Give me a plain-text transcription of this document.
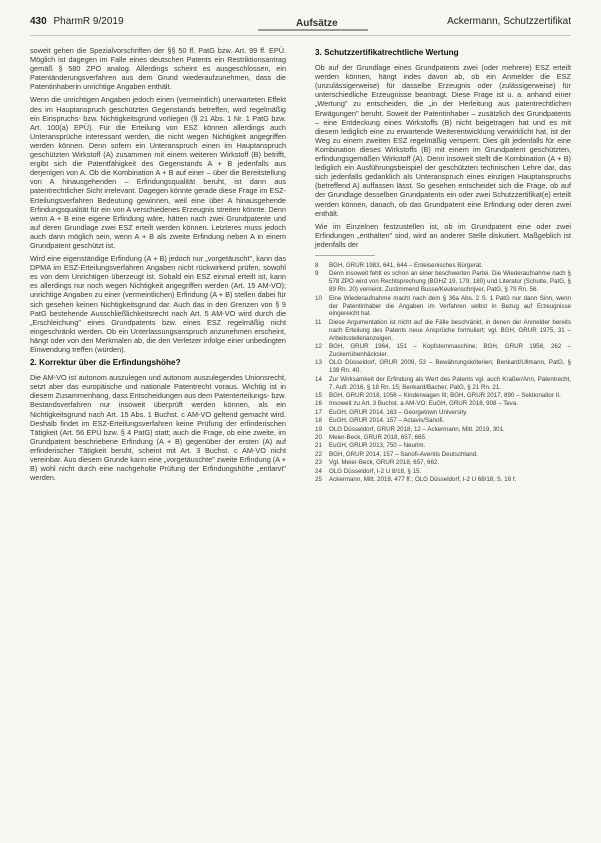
430 PharmR 9/2019	Aufsätze	Ackermann, Schutzzertifikat

soweit gehen die Spezialvorschriften der §§ 50 ff. PatG bzw. Art. 99 ff. EPÜ. Möglich ist dagegen im Falle eines deutschen Patents ein Restriktionsantrag gemäß § 580 ZPO analog. Allerdings scheint es ausgeschlossen, ein Patentänderungsverfahren aus dem Grund wiederaufzunehmen, dass die Patentinhaberin unrichtige Angaben enthält.

Wenn die unrichtigen Angaben jedoch einen (vermeintlich) unerwarteten Effekt des im Hauptanspruch geschützten Gegenstands betreffen, wird regelmäßig ein Einspruchs- bzw. Nichtigkeitsgrund vorliegen (§ 21 Abs. 1 Nr. 1 PatG bzw. Art. 100(a) EPÜ). Für die Erteilung von ESZ können allerdings auch Unteransprüche interessant werden, die nicht wegen Nichtigkeit angegriffen werden können. Denn sofern ein Unteranspruch einen im Hauptanspruch geschützten Wirkstoff (A) zusammen mit einem weiteren Wirkstoff (B) betrifft, ergibt sich die Patentfähigkeit des Gegenstands A + B jedenfalls aus derjenigen von A. Ob die Kombination A + B auf einer – über die Bereitstellung von A hinausgehenden – Erfindungsqualität beruht, ist dann aus patentrechtlicher Sicht irrelevant. Dagegen könnte gerade diese Frage im ESZ-Erteilungsverfahren Bedeutung gewinnen, weil eine über A hinausgehende Erfindungsqualität für ein von A verschiedenes Erzeugnis streiten könnte. Denn wenn A + B eine eigene Erfindung wäre, hätten nach zwei Grundpatente und auf deren Grundlage zwei ESZ erteilt werden können. Letzteres muss jedoch auch dann möglich sein, wenn A + B als zweite Erfindung neben A in einem Grundpatent geschützt ist.

Wird eine eigenständige Erfindung (A + B) jedoch nur „vorgetäuscht", kann das DPMA im ESZ-Erteilungsverfahren Angaben nicht rückwirkend prüfen, sowohl es von dem Unrichtigen überzeugt ist. Sobald ein ESZ einmal erteilt ist, kann es allerdings nur noch wegen Nichtigkeit angegriffen werden (Art. 15 AM-VO); unrichtige Angaben zu einer (vermeintlichen) Erfindung (A + B) stellen dabei für sich gesehen keinen Nichtigkeitsgrund dar. Auch das in den Grenzen von § 9 PatG bestehende Ausschließlichkeitsrecht nach Art. 5 AM-VO wird durch die „Erschleichung" eines Grundpatents bzw. eines ESZ regelmäßig nicht eingeschränkt werden. Ob ein Unterlassungsanspruch anzunehmen erscheint, hängt oder von den Merkmalen ab, die den Verletzer infolge einer unbedingten Einwendung treffen (würden).

2. Korrektur über die Erfindungshöhe?

Die AM-VO ist autonom auszulegen und autonom auszulegendes Unionsrecht, setzt aber das europäische und nationale Patentrecht voraus. Wichtig ist in diesem Zusammenhang, dass Entscheidungen aus dem Patenterteilungs- bzw. Bestandsverfahren nur insoweit überprüft werden können, als ein Nichtigkeitsgrund nach Art. 15 Abs. 1 Buchst. c AM-VO geltend gemacht wird. Deshalb findet im ESZ-Erteilungsverfahren keine Prüfung der erfinderischen Tätigkeit (Art. 56 EPÜ bzw. § 4 PatG) statt; auch die Frage, ob eine zweite, im Grundpatent beschriebene Erfindung (A + B) gegenüber der ersten (A) auf erfinderischer Tätigkeit beruht, scheint mit Art. 3 Buchst. c AM-VO nicht vereinbar. Aus diesem Grunde kann eine „vorgetäuschte" zweite Erfindung (A + B) wohl nicht durch eine nachgeholte Prüfung der Erfindungshöhe „entlarvt" werden.

3. Schutzzertifikatrechtliche Wertung

Ob auf der Grundlage eines Grundpatents zwei (oder mehrere) ESZ erteilt werden können, hängt indes davon ab, ob ein Anmelder die ESZ (unzulässigerweise) für dasselbe Erzeugnis oder (zulässigerweise) für unterschiedliche Erzeugnisse beantragt. Diese Frage ist u. a. anhand einer „Wertung" zu entscheiden, die „in der Herleitung aus patentrechtlichen Erwägungen" beruht. Soweit der Patentinhaber – zusätzlich des Grundpatents – eine Entdeckung eines Wirkstoffs (B) nicht beigetragen hat und es mit diesem lediglich eine zu erwartende Weiterentwicklung verwirklicht hat, ist der Weg zu einem zweiten ESZ regelmäßig versperrt. Dies gilt jedenfalls für eine Kombination dieses Wirkstoffs (B) mit einem im Grundpatent geschützten, erfindungsgemäßen Wirkstoff (A). Denn insoweit stellt die Kombination (A + B) lediglich ein Ausführungsbeispiel der geschützten technischen Lehre dar, das sich jedenfalls gedanklich als Unteranspruch eines einzigen Hauptanspruchs (betreffend A) auffassen lässt. So gesehen entscheidet sich die Frage, ob auf der Grundlage desselben Grundpatents ein oder zwei Schutzzertifikat(e) erteilt werden können, danach, ob das Grundpatent eine Erfindung oder deren zwei enthält.

Wie im Einzelnen festzustellen ist, ob im Grundpatent eine oder zwei Erfindungen „enthalten" sind, wird an anderer Stelle diskutiert. Maßgeblich ist jedenfalls der

8	BGH, GRUR 1983, 641, 644 – Enteisenisches Bürgerat.
9	Denn insoweit fehlt es schon an einer beschwerten Partei. Die Wiederaufnahme nach § 578 ZPO wird von Rechtsprechung (BGHZ 19, 179, 180) und Literatur (Schulte, PatG, § 89 Rn. 20) verneint. Zustimmend Busse/Keukenschrijver, PatG, § 79 Rn. 56.
10	Eine Wiederaufnahme macht nach dem § 36a Abs. 2 S. 1 PatG nur dann Sinn, wenn der Patentinhaber die Angaben im Verfahren selbst in Bezug auf Erzeugnisse eingereicht hat.
11	Diese Argumentation ist nicht auf die Fälle beschränkt, in denen der Anmelder bereits nach Erteilung des Patents neue Ansprüche formuliert; vgl. BGH, GRUR 1975, 31 – Arbeitsstellenanzeigen.
12	BGH, GRUR 1964, 151 – Kopfstemmaschine; BGH, GRUR 1958, 262 – Zuckerrübenhäcksler.
13	OLG Düsseldorf, GRUR 2009, 53 – Bewährungskriterien; Benkard/Ullmann, PatG, § 139 Rn. 40.
14	Zur Wirksamkeit der Erfindung als Wert des Patents vgl. auch Kraßer/Ann, Patentrecht, 7. Aufl. 2016, § 18 Rn. 15; Benkard/Bacher, PatG, § 21 Rn. 21.
15	BGH, GRUR 2018, 1056 – Kinderwagen III; BGH, GRUR 2017, 890 – Sektionaltor II.
16	Insoweit zu Art. 3 Buchst. a AM-VO: EuGH, GRUR 2018, 908 – Teva.
17	EuGH, GRUR 2014, 163 – Georgetown University.
18	EuGH, GRUR 2014, 157 – Actavis/Sanofi.
19	OLG Düsseldorf, GRUR 2018, 12 – Ackermann, Mitt. 2019, 301.
20	Meier-Beck, GRUR 2018, 657, 665.
21	EuGH, GRUR 2013, 750 – Neurim.
22	BGH, GRUR 2014, 157 – Sanofi-Aventis Deutschland.
23	Vgl. Meier-Beck, GRUR 2018, 657, 662.
24	OLG Düsseldorf, I-2 U 8/18, § 15.
25	Ackermann, Mitt. 2018, 477 ff.; OLG Düsseldorf, I-2 U 68/18, S. 16 f.
